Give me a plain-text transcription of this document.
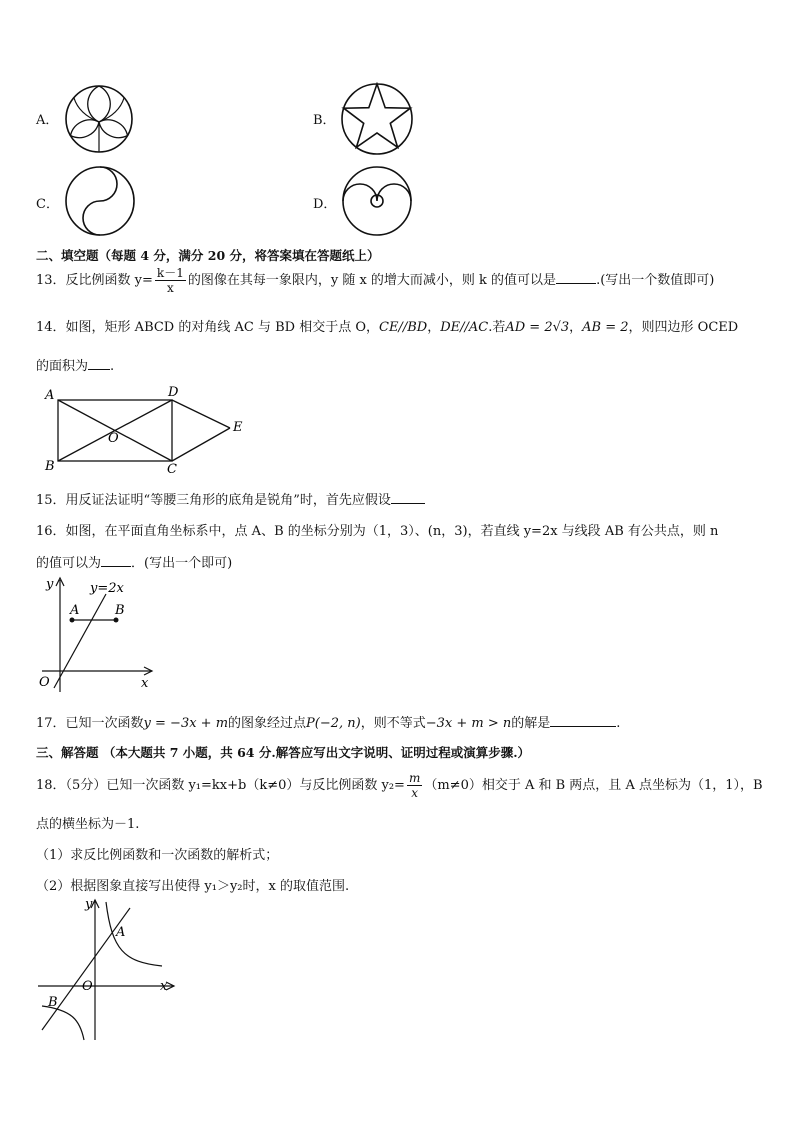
A．	B．
C．	D．
二、填空题（每题 4 分，满分 20 分，将答案填在答题纸上）
13．反比例函数 $y= \frac{k-1}{x}$ 的图像在其每一象限内，y 随 x 的增大而减小，则 k 的值可以是	.(写出一个数值即可)
14．如图，矩形 ABCD 的对角线 AC 与 BD 相交于点 O，CE//BD，DE//AC.若AD = 2√3，AB = 2，则四边形 OCED
的面积为 .
A
B	C
D
E
O
15．用反证法证明“等腰三角形的底角是锐角”时，首先应假设
16．如图，在平面直角坐标系中，点 A、B 的坐标分别为（1，3）、(n，3)，若直线 y=2x 与线段 AB 有公共点，则 n
的值可以为 ．(写出一个即可)
y	y=2x
A	B
O	x
17．已知一次函数y = −3x + m的图象经过点P(−2, n)，则不等式−3x + m > n的解是	.
三、解答题 （本大题共 7 小题，共 64 分.解答应写出文字说明、证明过程或演算步骤.）
18．（5分）已知一次函数 y₁=kx+b（k≠0）与反比例函数 $y_2= \frac{m}{x} (m\ne 0)$相交于 A 和 B 两点，且 A 点坐标为（1，1），B
点的横坐标为－1.
（1）求反比例函数和一次函数的解析式；
（2）根据图象直接写出使得 y₁＞y₂时，x 的取值范围.
y
A
O	x
B
